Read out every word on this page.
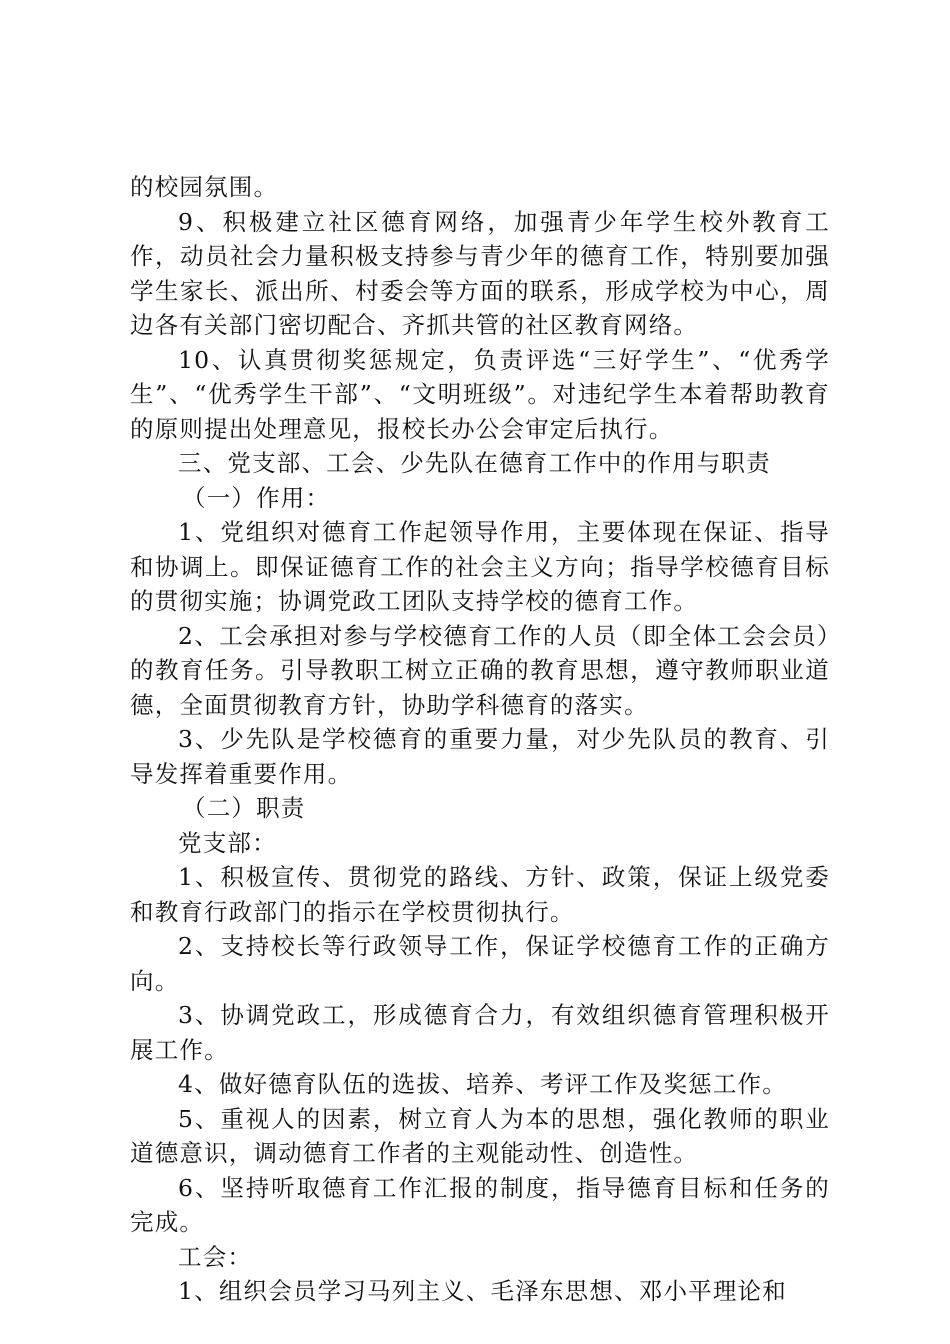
的校园氛围。

9、积极建立社区德育网络，加强青少年学生校外教育工作，动员社会力量积极支持参与青少年的德育工作，特别要加强学生家长、派出所、村委会等方面的联系，形成学校为中心，周边各有关部门密切配合、齐抓共管的社区教育网络。

10、认真贯彻奖惩规定，负责评选“三好学生”、“优秀学生”、“优秀学生干部”、“文明班级”。对违纪学生本着帮助教育的原则提出处理意见，报校长办公会审定后执行。

三、党支部、工会、少先队在德育工作中的作用与职责

（一）作用：

1、党组织对德育工作起领导作用，主要体现在保证、指导和协调上。即保证德育工作的社会主义方向；指导学校德育目标的贯彻实施；协调党政工团队支持学校的德育工作。

2、工会承担对参与学校德育工作的人员（即全体工会会员）的教育任务。引导教职工树立正确的教育思想，遵守教师职业道德，全面贯彻教育方针，协助学科德育的落实。

3、少先队是学校德育的重要力量，对少先队员的教育、引导发挥着重要作用。

（二）职责

党支部：

1、积极宣传、贯彻党的路线、方针、政策，保证上级党委和教育行政部门的指示在学校贯彻执行。

2、支持校长等行政领导工作，保证学校德育工作的正确方向。

3、协调党政工，形成德育合力，有效组织德育管理积极开展工作。

4、做好德育队伍的选拔、培养、考评工作及奖惩工作。

5、重视人的因素，树立育人为本的思想，强化教师的职业道德意识，调动德育工作者的主观能动性、创造性。

6、坚持听取德育工作汇报的制度，指导德育目标和任务的完成。

工会：

1、组织会员学习马列主义、毛泽东思想、邓小平理论和
